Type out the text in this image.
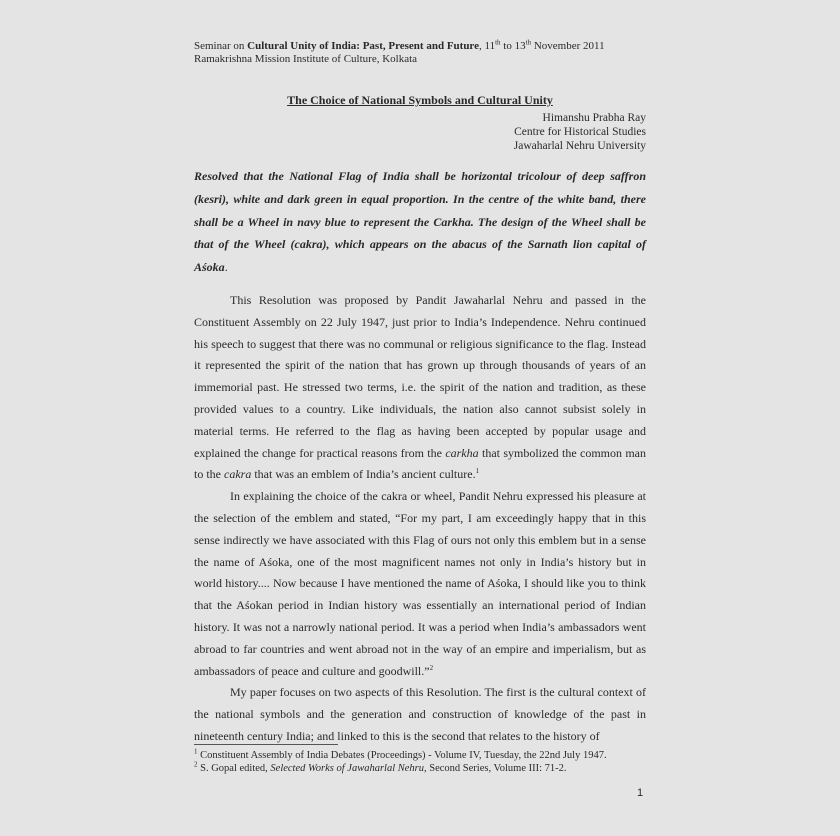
Seminar on Cultural Unity of India: Past, Present and Future, 11th to 13th November 2011
Ramakrishna Mission Institute of Culture, Kolkata
The Choice of National Symbols and Cultural Unity
Himanshu Prabha Ray
Centre for Historical Studies
Jawaharlal Nehru University
Resolved that the National Flag of India shall be horizontal tricolour of deep saffron (kesri), white and dark green in equal proportion. In the centre of the white band, there shall be a Wheel in navy blue to represent the Carkha. The design of the Wheel shall be that of the Wheel (cakra), which appears on the abacus of the Sarnath lion capital of Aśoka.

This Resolution was proposed by Pandit Jawaharlal Nehru and passed in the Constituent Assembly on 22 July 1947, just prior to India’s Independence. Nehru continued his speech to suggest that there was no communal or religious significance to the flag. Instead it represented the spirit of the nation that has grown up through thousands of years of an immemorial past. He stressed two terms, i.e. the spirit of the nation and tradition, as these provided values to a country. Like individuals, the nation also cannot subsist solely in material terms. He referred to the flag as having been accepted by popular usage and explained the change for practical reasons from the carkha that symbolized the common man to the cakra that was an emblem of India’s ancient culture.$^1$

In explaining the choice of the cakra or wheel, Pandit Nehru expressed his pleasure at the selection of the emblem and stated, “For my part, I am exceedingly happy that in this sense indirectly we have associated with this Flag of ours not only this emblem but in a sense the name of Aśoka, one of the most magnificent names not only in India’s history but in world history.... Now because I have mentioned the name of Aśoka, I should like you to think that the Aśokan period in Indian history was essentially an international period of Indian history. It was not a narrowly national period. It was a period when India’s ambassadors went abroad to far countries and went abroad not in the way of an empire and imperialism, but as ambassadors of peace and culture and goodwill.”$^2$

My paper focuses on two aspects of this Resolution. The first is the cultural context of the national symbols and the generation and construction of knowledge of the past in nineteenth century India; and linked to this is the second that relates to the history of

$^1$ Constituent Assembly of India Debates (Proceedings) - Volume IV, Tuesday, the 22nd July 1947.
$^2$ S. Gopal edited, Selected Works of Jawaharlal Nehru, Second Series, Volume III: 71-2.
1
